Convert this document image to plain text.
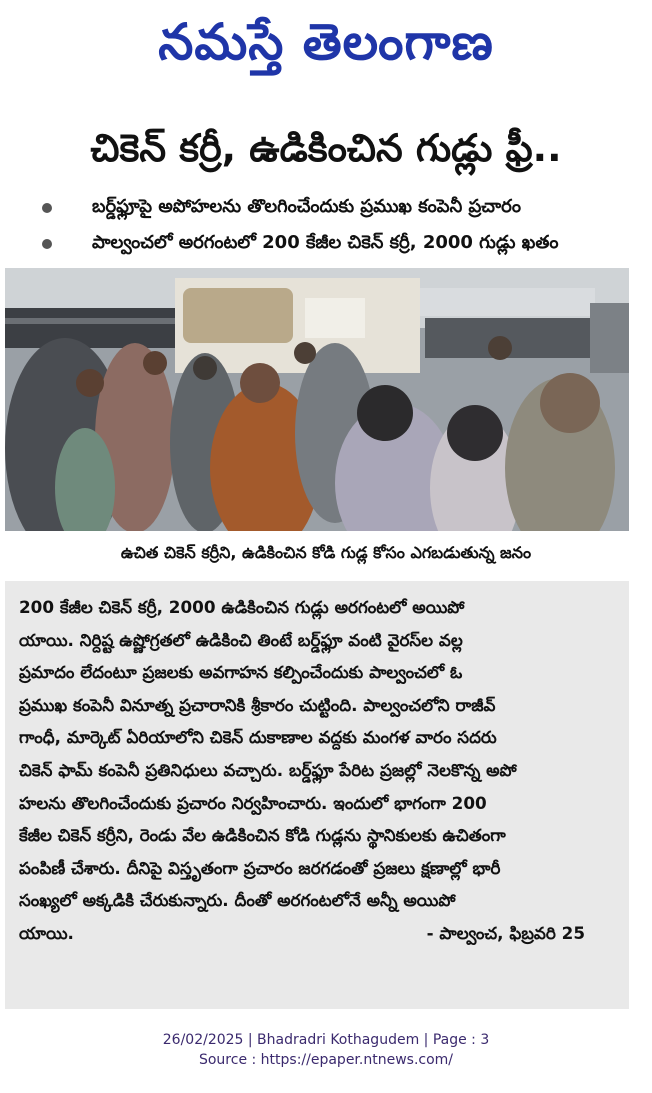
నమస్తే తెలంగాణ
చికెన్ కర్రీ, ఉడికించిన గుడ్లు ఫ్రీ..
బర్డ్‌ఫ్లూపై అపోహలను తొలగించేందుకు ప్రముఖ కంపెనీ ప్రచారం
పాల్వంచలో అరగంటలో 200 కేజీల చికెన్ కర్రీ, 2000 గుడ్లు ఖతం
ఉచిత చికెన్ కర్రీని, ఉడికించిన కోడి గుడ్ల కోసం ఎగబడుతున్న జనం

200 కేజీల చికెన్ కర్రీ, 2000 ఉడికించిన గుడ్లు అరగంటలో అయిపో

యాయి. నిర్దిష్ట ఉష్ణోగ్రతలో ఉడికించి తింటే బర్డ్‌ఫ్లూ వంటి వైరస్‌ల వల్ల

ప్రమాదం లేదంటూ ప్రజలకు అవగాహన కల్పించేందుకు పాల్వంచలో ఓ

ప్రముఖ కంపెనీ వినూత్న ప్రచారానికి శ్రీకారం చుట్టింది. పాల్వంచలోని రాజీవ్

గాంధీ, మార్కెట్ ఏరియాలోని చికెన్ దుకాణాల వద్దకు మంగళ వారం సదరు

చికెన్ ఫామ్ కంపెనీ ప్రతినిధులు వచ్చారు. బర్డ్‌ఫ్లూ పేరిట ప్రజల్లో నెలకొన్న అపో

హలను తొలగించేందుకు ప్రచారం నిర్వహించారు. ఇందులో భాగంగా 200

కేజీల చికెన్ కర్రీని, రెండు వేల ఉడికించిన కోడి గుడ్లను స్థానికులకు ఉచితంగా

పంపిణీ చేశారు. దీనిపై విస్తృతంగా ప్రచారం జరగడంతో ప్రజలు క్షణాల్లో భారీ

సంఖ్యలో అక్కడికి చేరుకున్నారు. దీంతో అరగంటలోనే అన్నీ అయిపో

యాయి.	- పాల్వంచ, ఫిబ్రవరి 25

26/02/2025 | Bhadradri Kothagudem | Page : 3
Source : https://epaper.ntnews.com/
